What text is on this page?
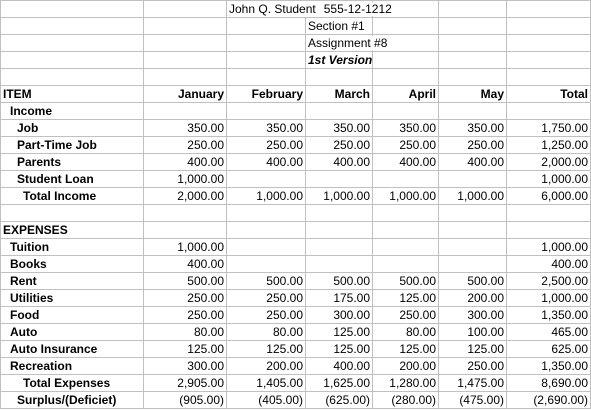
		John Q. Student 555-12-1212				
			Section #1			
			Assignment #8			
			1st Version			

ITEM	January	February	March	April	May	Total
Income						
Job	350.00	350.00	350.00	350.00	350.00	1,750.00
Part-Time Job	250.00	250.00	250.00	250.00	250.00	1,250.00
Parents	400.00	400.00	400.00	400.00	400.00	2,000.00
Student Loan	1,000.00					1,000.00
Total Income	2,000.00	1,000.00	1,000.00	1,000.00	1,000.00	6,000.00

EXPENSES						
Tuition	1,000.00					1,000.00
Books	400.00					400.00
Rent	500.00	500.00	500.00	500.00	500.00	2,500.00
Utilities	250.00	250.00	175.00	125.00	200.00	1,000.00
Food	250.00	250.00	300.00	250.00	300.00	1,350.00
Auto	80.00	80.00	125.00	80.00	100.00	465.00
Auto Insurance	125.00	125.00	125.00	125.00	125.00	625.00
Recreation	300.00	200.00	400.00	200.00	250.00	1,350.00
Total Expenses	2,905.00	1,405.00	1,625.00	1,280.00	1,475.00	8,690.00
Surplus/(Deficiet)	(905.00)	(405.00)	(625.00)	(280.00)	(475.00)	(2,690.00)
